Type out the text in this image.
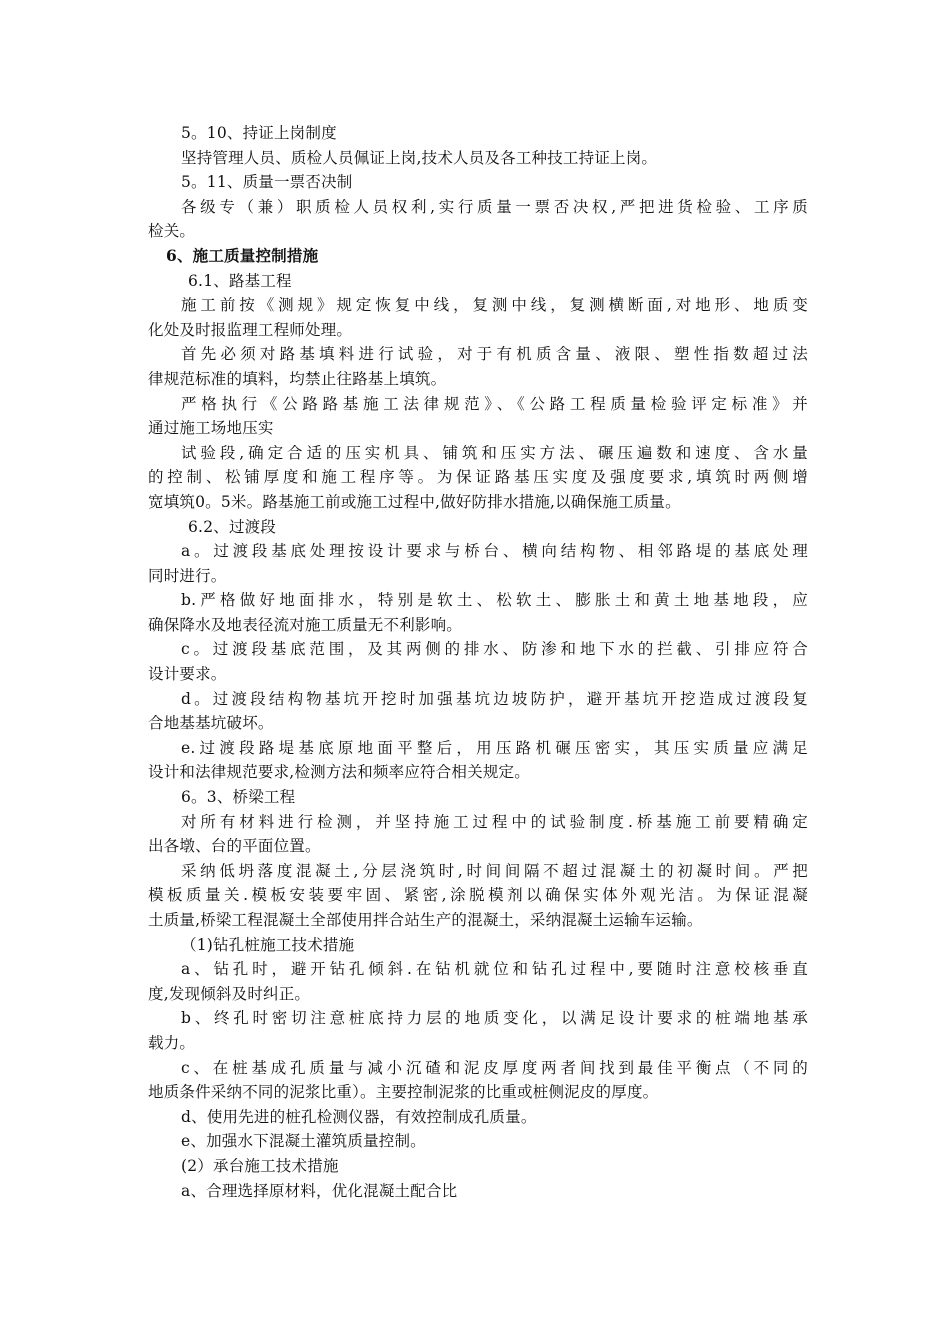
5。10、持证上岗制度
坚持管理人员、质检人员佩证上岗,技术人员及各工种技工持证上岗。
5。11、质量一票否决制
各级专（兼）职质检人员权利,实行质量一票否决权,严把进货检验、工序质
检关。
6、施工质量控制措施
6.1、路基工程
施工前按《测规》规定恢复中线，复测中线，复测横断面,对地形、地质变
化处及时报监理工程师处理。
首先必须对路基填料进行试验，对于有机质含量、液限、塑性指数超过法
律规范标准的填料，均禁止往路基上填筑。
严格执行《公路路基施工法律规范》、《公路工程质量检验评定标准》并
通过施工场地压实
试验段,确定合适的压实机具、铺筑和压实方法、碾压遍数和速度、含水量
的控制、松铺厚度和施工程序等。为保证路基压实度及强度要求,填筑时两侧增
宽填筑0。5米。路基施工前或施工过程中,做好防排水措施,以确保施工质量。
6.2、过渡段
a。过渡段基底处理按设计要求与桥台、横向结构物、相邻路堤的基底处理
同时进行。
b.严格做好地面排水，特别是软土、松软土、膨胀土和黄土地基地段，应
确保降水及地表径流对施工质量无不利影响。
c。过渡段基底范围，及其两侧的排水、防渗和地下水的拦截、引排应符合
设计要求。
d。过渡段结构物基坑开挖时加强基坑边坡防护，避开基坑开挖造成过渡段复
合地基基坑破坏。
e.过渡段路堤基底原地面平整后，用压路机碾压密实，其压实质量应满足
设计和法律规范要求,检测方法和频率应符合相关规定。
6。3、桥梁工程
对所有材料进行检测，并坚持施工过程中的试验制度.桥基施工前要精确定
出各墩、台的平面位置。
采纳低坍落度混凝土,分层浇筑时,时间间隔不超过混凝土的初凝时间。严把
模板质量关.模板安装要牢固、紧密,涂脱模剂以确保实体外观光洁。为保证混凝
土质量,桥梁工程混凝土全部使用拌合站生产的混凝土，采纳混凝土运输车运输。
（1)钻孔桩施工技术措施
a、钻孔时，避开钻孔倾斜.在钻机就位和钻孔过程中,要随时注意校核垂直
度,发现倾斜及时纠正。
b、终孔时密切注意桩底持力层的地质变化，以满足设计要求的桩端地基承
载力。
c、在桩基成孔质量与减小沉碴和泥皮厚度两者间找到最佳平衡点（不同的
地质条件采纳不同的泥浆比重）。主要控制泥浆的比重或桩侧泥皮的厚度。
d、使用先进的桩孔检测仪器，有效控制成孔质量。
e、加强水下混凝土灌筑质量控制。
(2）承台施工技术措施
a、合理选择原材料，优化混凝土配合比
